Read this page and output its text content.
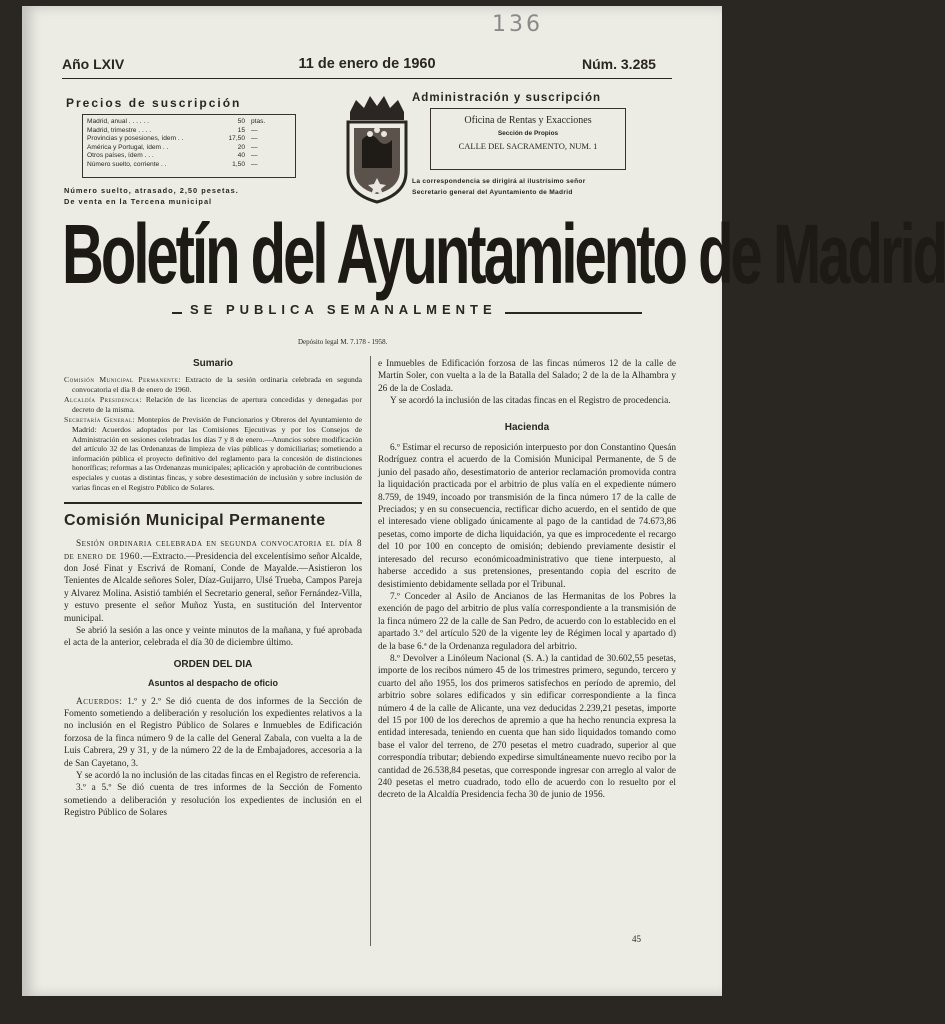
136
Año LXIV	11 de enero de 1960	Núm. 3.285
Precios de suscripción
Madrid, anual . . . . . .	50 ptas.
Madrid, trimestre . . . .	15 —
Provincias y posesiones, ídem . .	17,50 —
América y Portugal, ídem . .	20 —
Otros países, ídem . . .	40 —
Número suelto, corriente . .	1,50 —
Número suelto, atrasado, 2,50 pesetas.
De venta en la Tercena municipal
Administración y suscripción
Oficina de Rentas y Exacciones
Sección de Propios
CALLE DEL SACRAMENTO, NUM. 1
La correspondencia se dirigirá al ilustrísimo señor
Secretario general del Ayuntamiento de Madrid
Boletín del Ayuntamiento de Madrid
SE PUBLICA SEMANALMENTE
Depósito legal M. 7.178 - 1958.
Sumario

Comisión Municipal Permanente: Extracto de la sesión ordinaria celebrada en segunda convocatoria el día 8 de enero de 1960.

Alcaldía Presidencia: Relación de las licencias de apertura concedidas y denegadas por decreto de la misma.

Secretaría General: Montepíos de Previsión de Funcionarios y Obreros del Ayuntamiento de Madrid: Acuerdos adoptados por las Comisiones Ejecutivas y por los Consejos de Administración en sesiones celebradas los días 7 y 8 de enero.—Anuncios sobre modificación del artículo 32 de las Ordenanzas de limpieza de vías públicas y domiciliarias; sometiendo a información pública el proyecto definitivo del reglamento para la concesión de distinciones honoríficas; reformas a las Ordenanzas municipales; aplicación y aprobación de contribuciones especiales y cuotas a distintas fincas, y sobre desestimación de inclusión y sobre inclusión de varias fincas en el Registro Público de Solares.

Comisión Municipal Permanente

Sesión ordinaria celebrada en segunda convocatoria el día 8 de enero de 1960.—Extracto.—Presidencia del excelentísimo señor Alcalde, don José Finat y Escrivá de Romaní, Conde de Mayalde.—Asistieron los Tenientes de Alcalde señores Soler, Díaz-Guijarro, Ulsé Trueba, Campos Pareja y Alvarez Molina. Asistió también el Secretario general, señor Fernández-Villa, y estuvo presente el señor Muñoz Yusta, en sustitución del Interventor municipal.

Se abrió la sesión a las once y veinte minutos de la mañana, y fué aprobada el acta de la anterior, celebrada el día 30 de diciembre último.

ORDEN DEL DIA
Asuntos al despacho de oficio

Acuerdos: 1.º y 2.º Se dió cuenta de dos informes de la Sección de Fomento sometiendo a deliberación y resolución los expedientes relativos a la no inclusión en el Registro Público de Solares e Inmuebles de Edificación forzosa de la finca número 9 de la calle del General Zabala, con vuelta a la de Luis Cabrera, 29 y 31, y de la número 22 de la de Embajadores, accesoria a la de San Cayetano, 3.

Y se acordó la no inclusión de las citadas fincas en el Registro de referencia.

3.º a 5.º Se dió cuenta de tres informes de la Sección de Fomento sometiendo a deliberación y resolución los expedientes de inclusión en el Registro Público de Solares

e Inmuebles de Edificación forzosa de las fincas números 12 de la calle de Martín Soler, con vuelta a la de la Batalla del Salado; 2 de la de la Alhambra y 26 de la de Coslada.

Y se acordó la inclusión de las citadas fincas en el Registro de procedencia.

Hacienda

6.º Estimar el recurso de reposición interpuesto por don Constantino Quesán Rodríguez contra el acuerdo de la Comisión Municipal Permanente, de 5 de junio del pasado año, desestimatorio de anterior reclamación promovida contra la liquidación practicada por el arbitrio de plus valía en el expediente número 8.759, de 1949, incoado por transmisión de la finca número 17 de la calle de Preciados; y en su consecuencia, rectificar dicho acuerdo, en el sentido de que el interesado viene obligado únicamente al pago de la cantidad de 74.673,86 pesetas, como importe de dicha liquidación, ya que es improcedente el recargo del 10 por 100 en concepto de omisión; debiendo previamente desistir el interesado del recurso económicoadministrativo que tiene interpuesto, al haberse accedido a sus pretensiones, presentando copia del escrito de desistimiento debidamente sellada por el Tribunal.

7.º Conceder al Asilo de Ancianos de las Hermanitas de los Pobres la exención de pago del arbitrio de plus valía correspondiente a la transmisión de la finca número 22 de la calle de San Pedro, de acuerdo con lo establecido en el apartado 3.º del artículo 520 de la vigente ley de Régimen local y apartado d) de la base 6.ª de la Ordenanza reguladora del arbitrio.

8.º Devolver a Linóleum Nacional (S. A.) la cantidad de 30.602,55 pesetas, importe de los recibos número 45 de los trimestres primero, segundo, tercero y cuarto del año 1955, los dos primeros satisfechos en período de apremio, del arbitrio sobre solares edificados y sin edificar correspondiente a la finca número 4 de la calle de Alicante, una vez deducidas 2.239,21 pesetas, importe del 15 por 100 de los derechos de apremio a que ha hecho renuncia expresa la entidad interesada, teniendo en cuenta que han sido liquidados tomando como base el valor del terreno, de 270 pesetas el metro cuadrado, superior al que correspondía tributar; debiendo expedirse simultáneamente nuevo recibo por la cantidad de 26.538,84 pesetas, que corresponde ingresar con arreglo al valor de 240 pesetas el metro cuadrado, todo ello de acuerdo con lo resuelto por el decreto de la Alcaldía Presidencia fecha 30 de junio de 1956.

45
